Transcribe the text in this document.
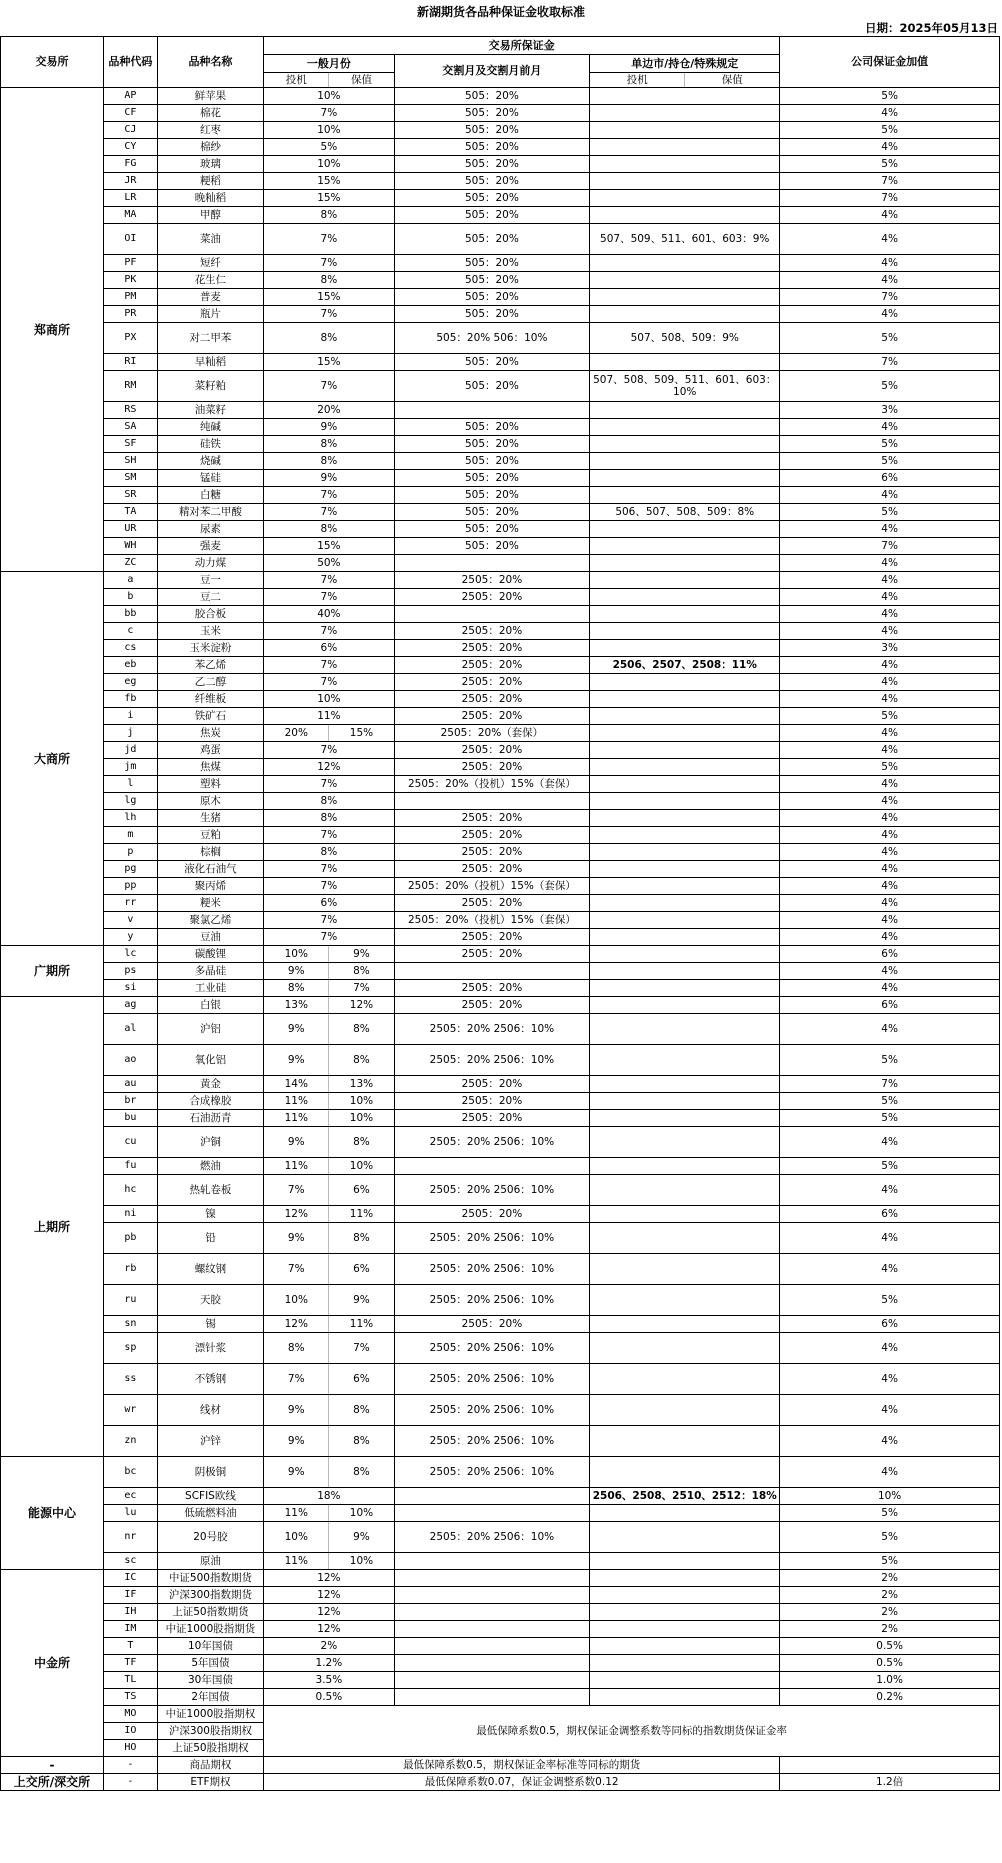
新湖期货各品种保证金收取标准
日期：2025年05月13日
交易所	品种代码	品种名称	交易所保证金					公司保证金加值
			一般月份		交割月及交割月前月	单边市/持仓/特殊规定		
			投机	保值		投机	保值	
郑商所	AP	鲜苹果	10%		505：20%			5%
	CF	棉花	7%		505：20%			4%
	CJ	红枣	10%		505：20%			5%
	CY	棉纱	5%		505：20%			4%
	FG	玻璃	10%		505：20%			5%
	JR	粳稻	15%		505：20%			7%
	LR	晚籼稻	15%		505：20%			7%
	MA	甲醇	8%		505：20%			4%
	OI	菜油	7%		505：20%	507、509、511、601、603：9%		4%
	PF	短纤	7%		505：20%			4%
	PK	花生仁	8%		505：20%			4%
	PM	普麦	15%		505：20%			7%
	PR	瓶片	7%		505：20%			4%
	PX	对二甲苯	8%		505：20% 506：10%	507、508、509：9%		5%
	RI	早籼稻	15%		505：20%			7%
	RM	菜籽粕	7%		505：20%	507、508、509、511、601、603：10%		5%
	RS	油菜籽	20%					3%
	SA	纯碱	9%		505：20%			4%
	SF	硅铁	8%		505：20%			5%
	SH	烧碱	8%		505：20%			5%
	SM	锰硅	9%		505：20%			6%
	SR	白糖	7%		505：20%			4%
	TA	精对苯二甲酸	7%		505：20%	506、507、508、509：8%		5%
	UR	尿素	8%		505：20%			4%
	WH	强麦	15%		505：20%			7%
	ZC	动力煤	50%					4%
大商所	a	豆一	7%		2505：20%			4%
	b	豆二	7%		2505：20%			4%
	bb	胶合板	40%					4%
	c	玉米	7%		2505：20%			4%
	cs	玉米淀粉	6%		2505：20%			3%
	eb	苯乙烯	7%		2505：20%	2506、2507、2508：11%		4%
	eg	乙二醇	7%		2505：20%			4%
	fb	纤维板	10%		2505：20%			4%
	i	铁矿石	11%		2505：20%			5%
	j	焦炭	20%	15%	2505：20%（套保）			4%
	jd	鸡蛋	7%		2505：20%			4%
	jm	焦煤	12%		2505：20%			5%
	l	塑料	7%		2505：20%（投机）15%（套保）			4%
	lg	原木	8%					4%
	lh	生猪	8%		2505：20%			4%
	m	豆粕	7%		2505：20%			4%
	p	棕榈	8%		2505：20%			4%
	pg	液化石油气	7%		2505：20%			4%
	pp	聚丙烯	7%		2505：20%（投机）15%（套保）			4%
	rr	粳米	6%		2505：20%			4%
	v	聚氯乙烯	7%		2505：20%（投机）15%（套保）			4%
	y	豆油	7%		2505：20%			4%
广期所	lc	碳酸锂	10%	9%	2505：20%			6%
	ps	多晶硅	9%	8%				4%
	si	工业硅	8%	7%	2505：20%			4%
上期所	ag	白银	13%	12%	2505：20%			6%
	al	沪铝	9%	8%	2505：20% 2506：10%			4%
	ao	氧化铝	9%	8%	2505：20% 2506：10%			5%
	au	黄金	14%	13%	2505：20%			7%
	br	合成橡胶	11%	10%	2505：20%			5%
	bu	石油沥青	11%	10%	2505：20%			5%
	cu	沪铜	9%	8%	2505：20% 2506：10%			4%
	fu	燃油	11%	10%				5%
	hc	热轧卷板	7%	6%	2505：20% 2506：10%			4%
	ni	镍	12%	11%	2505：20%			6%
	pb	铅	9%	8%	2505：20% 2506：10%			4%
	rb	螺纹钢	7%	6%	2505：20% 2506：10%			4%
	ru	天胶	10%	9%	2505：20% 2506：10%			5%
	sn	锡	12%	11%	2505：20%			6%
	sp	漂针浆	8%	7%	2505：20% 2506：10%			4%
	ss	不锈钢	7%	6%	2505：20% 2506：10%			4%
	wr	线材	9%	8%	2505：20% 2506：10%			4%
	zn	沪锌	9%	8%	2505：20% 2506：10%			4%
能源中心	bc	阴极铜	9%	8%	2505：20% 2506：10%			4%
	ec	SCFIS欧线	18%			2506、2508、2510、2512：18%		10%
	lu	低硫燃料油	11%	10%				5%
	nr	20号胶	10%	9%	2505：20% 2506：10%			5%
	sc	原油	11%	10%				5%
中金所	IC	中证500指数期货	12%					2%
	IF	沪深300指数期货	12%					2%
	IH	上证50指数期货	12%					2%
	IM	中证1000股指期货	12%					2%
	T	10年国债	2%					0.5%
	TF	5年国债	1.2%					0.5%
	TL	30年国债	3.5%					1.0%
	TS	2年国债	0.5%					0.2%
	MO	中证1000股指期权	最低保障系数0.5，期权保证金调整系数等同标的指数期货保证金率					
	IO	沪深300股指期权						
	HO	上证50股指期权						
-	-	商品期权	最低保障系数0.5，期权保证金率标准等同标的期货					
上交所/深交所	-	ETF期权	最低保障系数0.07，保证金调整系数0.12					1.2倍
